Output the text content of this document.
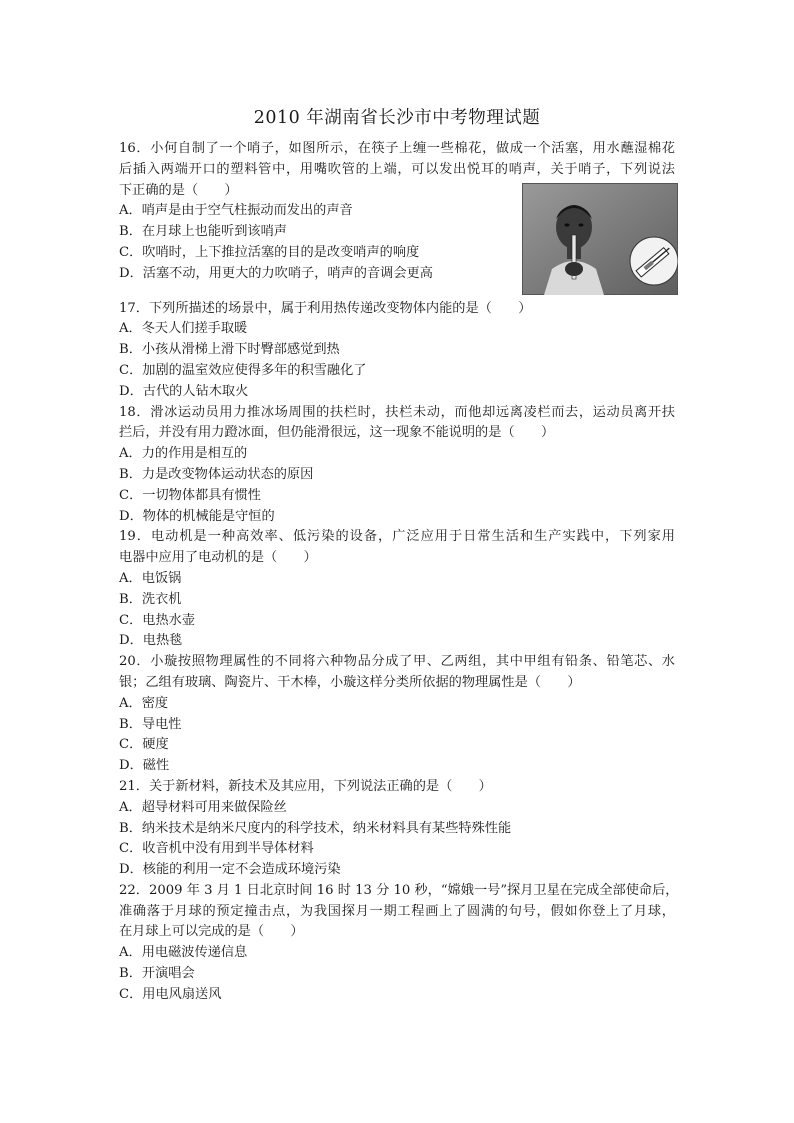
2010 年湖南省长沙市中考物理试题
16．小何自制了一个哨子，如图所示，在筷子上缠一些棉花，做成一个活塞，用水蘸湿棉花
后插入两端开口的塑料管中，用嘴吹管的上端，可以发出悦耳的哨声，关于哨子，下列说法
下正确的是（　　）
A．哨声是由于空气柱振动而发出的声音
B．在月球上也能听到该哨声
C．吹哨时，上下推拉活塞的目的是改变哨声的响度
D．活塞不动，用更大的力吹哨子，哨声的音调会更高
17．下列所描述的场景中，属于利用热传递改变物体内能的是（　　）
A．冬天人们搓手取暖
B．小孩从滑梯上滑下时臀部感觉到热
C．加剧的温室效应使得多年的积雪融化了
D．古代的人钻木取火
18．滑冰运动员用力推冰场周围的扶栏时，扶栏未动，而他却远离凌栏而去，运动员离开扶
拦后，并没有用力蹬冰面，但仍能滑很远，这一现象不能说明的是（　　）
A．力的作用是相互的
B．力是改变物体运动状态的原因
C．一切物体都具有惯性
D．物体的机械能是守恒的
19．电动机是一种高效率、低污染的设备，广泛应用于日常生活和生产实践中，下列家用
电器中应用了电动机的是（　　）
A．电饭锅
B．洗衣机
C．电热水壶
D．电热毯
20．小璇按照物理属性的不同将六种物品分成了甲、乙两组，其中甲组有铅条、铅笔芯、水
银；乙组有玻璃、陶瓷片、干木棒，小璇这样分类所依据的物理属性是（　　）
A．密度
B．导电性
C．硬度
D．磁性
21．关于新材料，新技术及其应用，下列说法正确的是（　　）
A．超导材料可用来做保险丝
B．纳米技术是纳米尺度内的科学技术，纳米材料具有某些特殊性能
C．收音机中没有用到半导体材料
D．核能的利用一定不会造成环境污染
22．2009 年 3 月 1 日北京时间 16 时 13 分 10 秒，“嫦娥一号”探月卫星在完成全部使命后，
准确落于月球的预定撞击点，为我国探月一期工程画上了圆满的句号，假如你登上了月球，
在月球上可以完成的是（　　）
A．用电磁波传递信息
B．开演唱会
C．用电风扇送风
